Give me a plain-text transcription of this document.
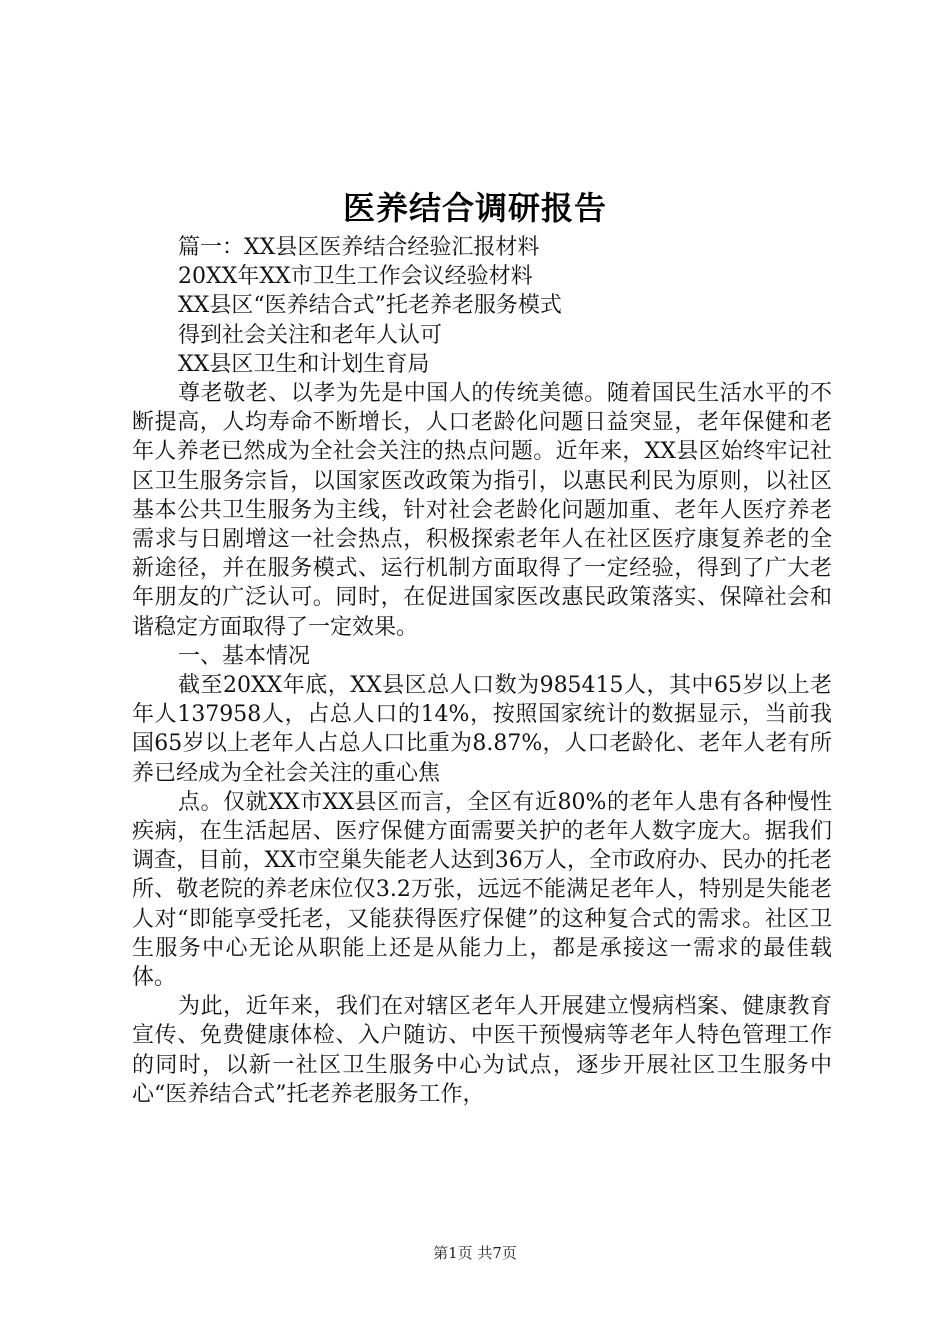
医养结合调研报告

篇一：XX县区医养结合经验汇报材料

20XX年XX市卫生工作会议经验材料

XX县区“医养结合式”托老养老服务模式

得到社会关注和老年人认可

XX县区卫生和计划生育局

尊老敬老、以孝为先是中国人的传统美德。随着国民生活水平的不断提高，人均寿命不断增长，人口老龄化问题日益突显，老年保健和老年人养老已然成为全社会关注的热点问题。近年来，XX县区始终牢记社区卫生服务宗旨，以国家医改政策为指引，以惠民利民为原则，以社区基本公共卫生服务为主线，针对社会老龄化问题加重、老年人医疗养老需求与日剧增这一社会热点，积极探索老年人在社区医疗康复养老的全新途径，并在服务模式、运行机制方面取得了一定经验，得到了广大老年朋友的广泛认可。同时，在促进国家医改惠民政策落实、保障社会和谐稳定方面取得了一定效果。

一、基本情况

截至20XX年底，XX县区总人口数为985415人，其中65岁以上老年人137958人，占总人口的14%，按照国家统计的数据显示，当前我国65岁以上老年人占总人口比重为8.87%，人口老龄化、老年人老有所养已经成为全社会关注的重心焦

点。仅就XX市XX县区而言，全区有近80%的老年人患有各种慢性疾病，在生活起居、医疗保健方面需要关护的老年人数字庞大。据我们调查，目前，XX市空巢失能老人达到36万人，全市政府办、民办的托老所、敬老院的养老床位仅3.2万张，远远不能满足老年人，特别是失能老人对“即能享受托老，又能获得医疗保健”的这种复合式的需求。社区卫生服务中心无论从职能上还是从能力上，都是承接这一需求的最佳载体。

为此，近年来，我们在对辖区老年人开展建立慢病档案、健康教育宣传、免费健康体检、入户随访、中医干预慢病等老年人特色管理工作的同时，以新一社区卫生服务中心为试点，逐步开展社区卫生服务中心“医养结合式”托老养老服务工作，

第1页 共7页
